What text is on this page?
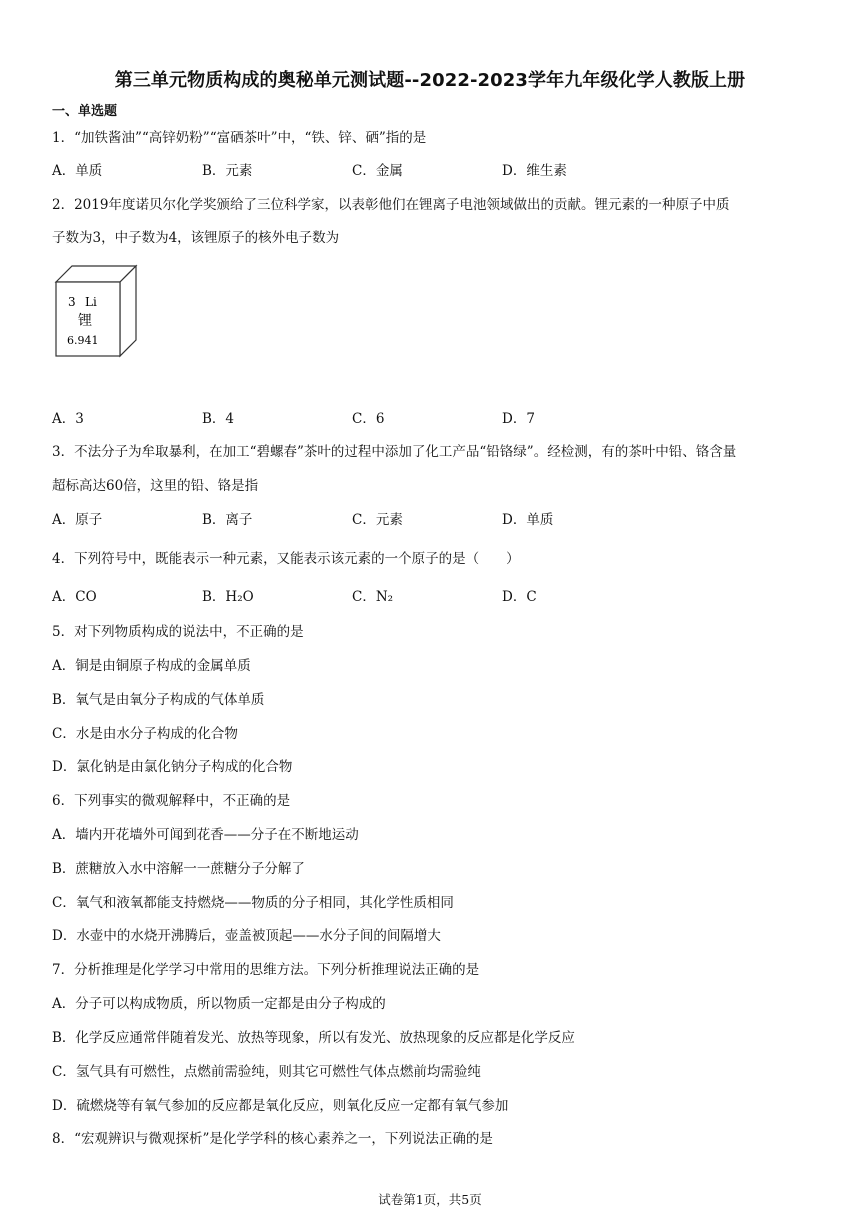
第三单元物质构成的奥秘单元测试题--2022-2023学年九年级化学人教版上册
一、单选题
1．“加铁酱油”“高锌奶粉”“富硒茶叶”中，“铁、锌、硒”指的是
A．单质	B．元素	C．金属	D．维生素
2．2019年度诺贝尔化学奖颁给了三位科学家，以表彰他们在锂离子电池领域做出的贡献。锂元素的一种原子中质
子数为3，中子数为4，该锂原子的核外电子数为
3 Li
锂
6.941
A．3	B．4	C．6	D．7
3．不法分子为牟取暴利，在加工“碧螺春”茶叶的过程中添加了化工产品“铅铬绿”。经检测，有的茶叶中铅、铬含量
超标高达60倍，这里的铅、铬是指
A．原子	B．离子	C．元素	D．单质
4．下列符号中，既能表示一种元素，又能表示该元素的一个原子的是（　　）
A．CO	B．H₂O	C．N₂	D．C
5．对下列物质构成的说法中，不正确的是
A．铜是由铜原子构成的金属单质
B．氧气是由氧分子构成的气体单质
C．水是由水分子构成的化合物
D．氯化钠是由氯化钠分子构成的化合物
6．下列事实的微观解释中，不正确的是
A．墙内开花墙外可闻到花香——分子在不断地运动
B．蔗糖放入水中溶解一一蔗糖分子分解了
C．氧气和液氧都能支持燃烧——物质的分子相同，其化学性质相同
D．水壶中的水烧开沸腾后，壶盖被顶起——水分子间的间隔增大
7．分析推理是化学学习中常用的思维方法。下列分析推理说法正确的是
A．分子可以构成物质，所以物质一定都是由分子构成的
B．化学反应通常伴随着发光、放热等现象，所以有发光、放热现象的反应都是化学反应
C．氢气具有可燃性，点燃前需验纯，则其它可燃性气体点燃前均需验纯
D．硫燃烧等有氧气参加的反应都是氧化反应，则氧化反应一定都有氧气参加
8．“宏观辨识与微观探析”是化学学科的核心素养之一，下列说法正确的是
试卷第1页，共5页
